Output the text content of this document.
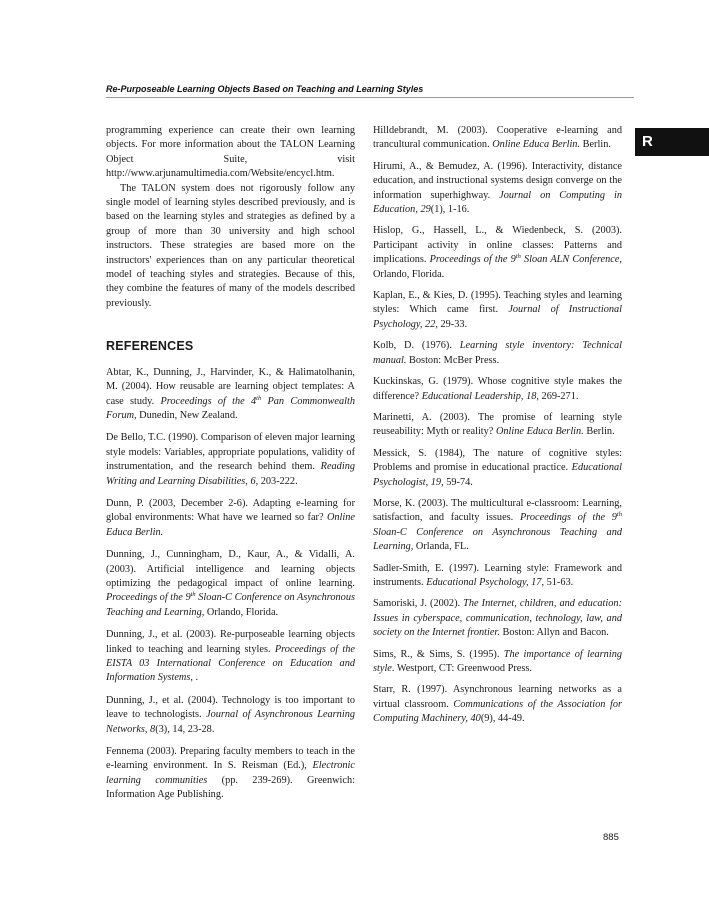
Re-Purposeable Learning Objects Based on Teaching and Learning Styles
R

programming experience can create their own learning objects. For more information about the TALON Learning Object Suite, visit http://www.arjunamultimedia.com/Website/encycl.htm.

The TALON system does not rigorously follow any single model of learning styles described previously, and is based on the learning styles and strategies as defined by a group of more than 30 university and high school instructors. These strategies are based more on the instructors' experiences than on any particular theoretical model of teaching styles and strategies. Because of this, they combine the features of many of the models described previously.

REFERENCES

Abtar, K., Dunning, J., Harvinder, K., & Halimatolhanin, M. (2004). How reusable are learning object templates: A case study. Proceedings of the 4th Pan Commonwealth Forum, Dunedin, New Zealand.

De Bello, T.C. (1990). Comparison of eleven major learning style models: Variables, appropriate populations, validity of instrumentation, and the research behind them. Reading Writing and Learning Disabilities, 6, 203-222.

Dunn, P. (2003, December 2-6). Adapting e-learning for global environments: What have we learned so far? Online Educa Berlin.

Dunning, J., Cunningham, D., Kaur, A., & Vidalli, A. (2003). Artificial intelligence and learning objects optimizing the pedagogical impact of online learning. Proceedings of the 9th Sloan-C Conference on Asynchronous Teaching and Learning, Orlando, Florida.

Dunning, J., et al. (2003). Re-purposeable learning objects linked to teaching and learning styles. Proceedings of the EISTA 03 International Conference on Education and Information Systems, .

Dunning, J., et al. (2004). Technology is too important to leave to technologists. Journal of Asynchronous Learning Networks, 8(3), 14, 23-28.

Fennema (2003). Preparing faculty members to teach in the e-learning environment. In S. Reisman (Ed.), Electronic learning communities (pp. 239-269). Greenwich: Information Age Publishing.

Hilldebrandt, M. (2003). Cooperative e-learning and trancultural communication. Online Educa Berlin. Berlin.

Hirumi, A., & Bemudez, A. (1996). Interactivity, distance education, and instructional systems design converge on the information superhighway. Journal on Computing in Education, 29(1), 1-16.

Hislop, G., Hassell, L., & Wiedenbeck, S. (2003). Participant activity in online classes: Patterns and implications. Proceedings of the 9th Sloan ALN Conference, Orlando, Florida.

Kaplan, E., & Kies, D. (1995). Teaching styles and learning styles: Which came first. Journal of Instructional Psychology, 22, 29-33.

Kolb, D. (1976). Learning style inventory: Technical manual. Boston: McBer Press.

Kuckinskas, G. (1979). Whose cognitive style makes the difference? Educational Leadership, 18, 269-271.

Marinetti, A. (2003). The promise of learning style reuseability: Myth or reality? Online Educa Berlin. Berlin.

Messick, S. (1984), The nature of cognitive styles: Problems and promise in educational practice. Educational Psychologist, 19, 59-74.

Morse, K. (2003). The multicultural e-classroom: Learning, satisfaction, and faculty issues. Proceedings of the 9th Sloan-C Conference on Asynchronous Teaching and Learning, Orlanda, FL.

Sadler-Smith, E. (1997). Learning style: Framework and instruments. Educational Psychology, 17, 51-63.

Samoriski, J. (2002). The Internet, children, and education: Issues in cyberspace, communication, technology, law, and society on the Internet frontier. Boston: Allyn and Bacon.

Sims, R., & Sims, S. (1995). The importance of learning style. Westport, CT: Greenwood Press.

Starr, R. (1997). Asynchronous learning networks as a virtual classroom. Communications of the Association for Computing Machinery, 40(9), 44-49.

885
